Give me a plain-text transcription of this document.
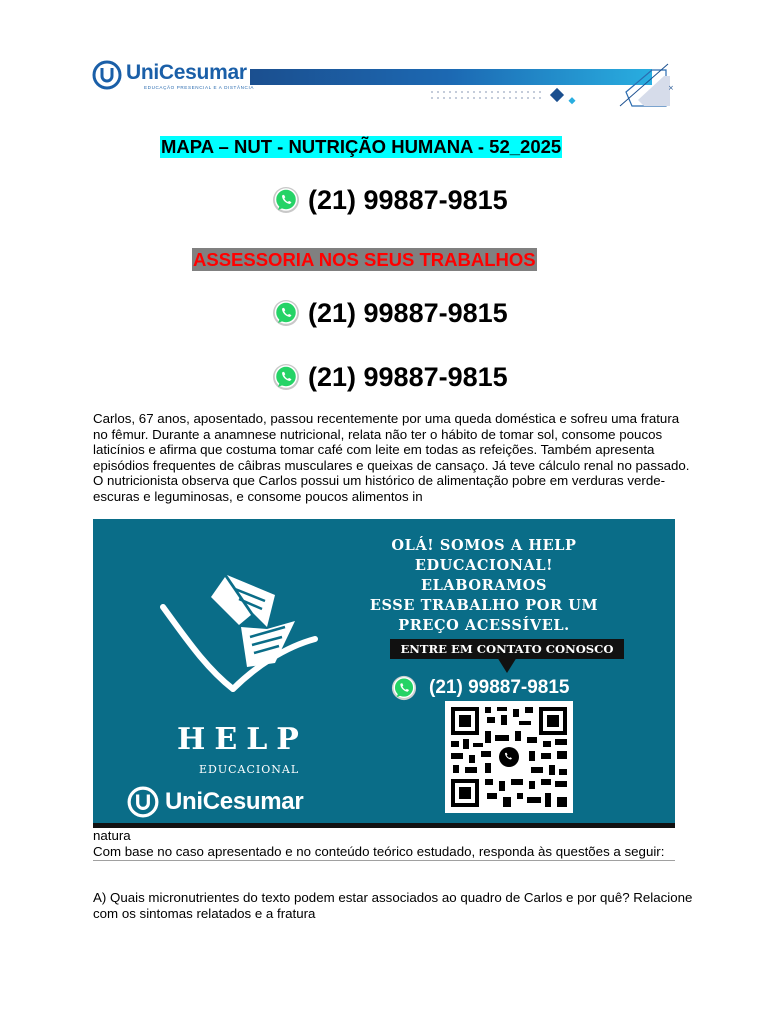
UniCesumar
EDUCAÇÃO PRESENCIAL E A DISTÂNCIA	×
MAPA – NUT - NUTRIÇÃO HUMANA - 52_2025
(21) 99887-9815
ASSESSORIA NOS SEUS TRABALHOS
(21) 99887-9815
(21) 99887-9815
Carlos, 67 anos, aposentado, passou recentemente por uma queda doméstica e sofreu uma fratura no fêmur. Durante a anamnese nutricional, relata não ter o hábito de tomar sol, consome poucos laticínios e afirma que costuma tomar café com leite em todas as refeições. Também apresenta episódios frequentes de câibras musculares e queixas de cansaço. Já teve cálculo renal no passado. O nutricionista observa que Carlos possui um histórico de alimentação pobre em verduras verde-escuras e leguminosas, e consome poucos alimentos in
HELP
EDUCACIONAL
UniCesumar
OLÁ! SOMOS A HELP
EDUCACIONAL! ELABORAMOS
ESSE TRABALHO POR UM
PREÇO ACESSÍVEL.
ENTRE EM CONTATO CONOSCO
(21) 99887-9815
natura
Com base no caso apresentado e no conteúdo teórico estudado, responda às questões a seguir:
A) Quais micronutrientes do texto podem estar associados ao quadro de Carlos e por quê? Relacione com os sintomas relatados e a fratura
